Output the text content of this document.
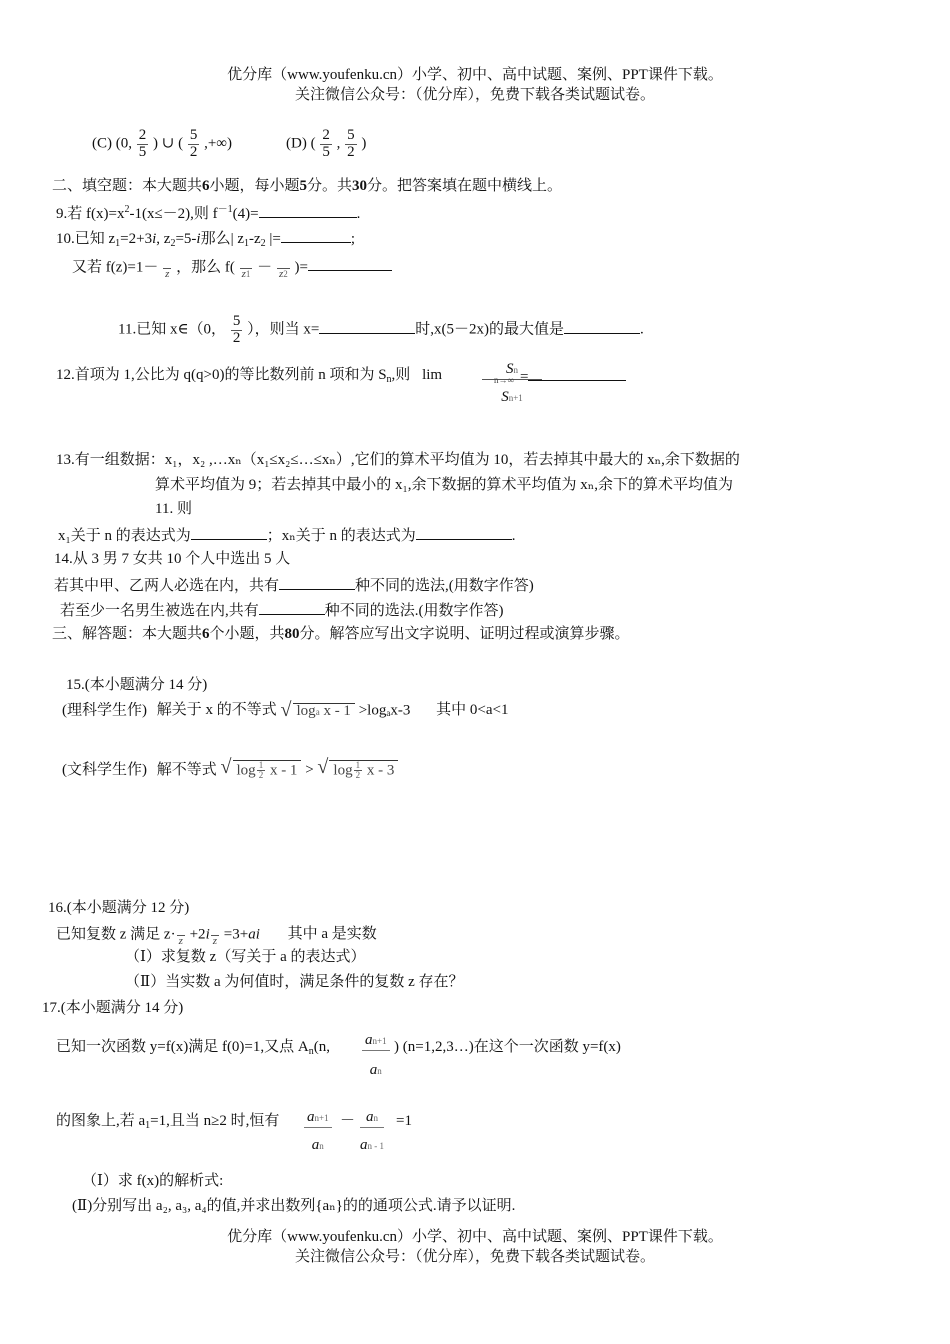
优分库（www.youfenku.cn）小学、初中、高中试题、案例、PPT课件下载。
关注微信公众号：（优分库），免费下载各类试题试卷。
(C) (0, $\frac{2}{5}$ ) ∪ ( $\frac{5}{2}$ ,+∞)	(D) ( $\frac{2}{5}$ , $\frac{5}{2}$ )
二、填空题：本大题共6小题，每小题5分。共30分。把答案填在题中横线上。
9.若 $f(x)=x^2-1(x\le-2)$,则 $f^{-1}(4)=$	.
10.已知 $z_1=2+3i$, $z_2=5-i$那么| $z_1-z_2$ |=	;
又若 f(z)=1－
z ，那么 f(
z1 －
z2 )=
11.已知 x∈（0， $\frac{5}{2}$ ），则当 x=	时,x(5－2x)的最大值是	.
12.首项为 1,公比为 q(q>0)的等比数列前 n 项和为 $S_n$,则 lim	Sn
n→∞
Sn+1
=
13.有一组数据：x₁，x₂ ,…xₙ（x₁≤x₂≤…≤xₙ）,它们的算术平均值为 10，若去掉其中最大的 xₙ,余下数据的
算术平均值为 9；若去掉其中最小的 x₁,余下数据的算术平均值为 xₙ,余下的算术平均值为
11. 则
x₁关于 n 的表达式为	；xₙ关于 n 的表达式为	.
14.从 3 男 7 女共 10 个人中选出 5 人
若其中甲、乙两人必选在内，共有	种不同的选法,(用数字作答)
若至少一名男生被选在内,共有	种不同的选法.(用数字作答)
三、解答题：本大题共6个小题，共80分。解答应写出文字说明、证明过程或演算步骤。
15.(本小题满分 14 分)
(理科学生作) 解关于 x 的不等式 √ loga x - 1 >logₐx-3 其中 0<a<1
(文科学生作) 解不等式 √ $\log \frac{1}{2}$ x - 1 > √ $\log \frac{1}{2}$ x - 3
16.(本小题满分 12 分)
已知复数 z 满足 z·
z +2i
z =3+ai 其中 a 是实数
（Ⅰ）求复数 z（写关于 a 的表达式）
（Ⅱ）当实数 a 为何值时，满足条件的复数 z 存在？
17.(本小题满分 14 分)
已知一次函数 y=f(x)满足 f(0)=1,又点 $A_n(n$, an+1
an
) (n=1,2,3…)在这个一次函数 y=f(x)
的图象上,若 $a_1=1$,且当 n≥2 时,恒有 an+1
an
－ an
an - 1
=1
（Ⅰ）求 f(x)的解析式:
(Ⅱ)分别写出 a₂, a₃, a₄的值,并求出数列{aₙ}的的通项公式.请予以证明.
优分库（www.youfenku.cn）小学、初中、高中试题、案例、PPT课件下载。
关注微信公众号：（优分库），免费下载各类试题试卷。
